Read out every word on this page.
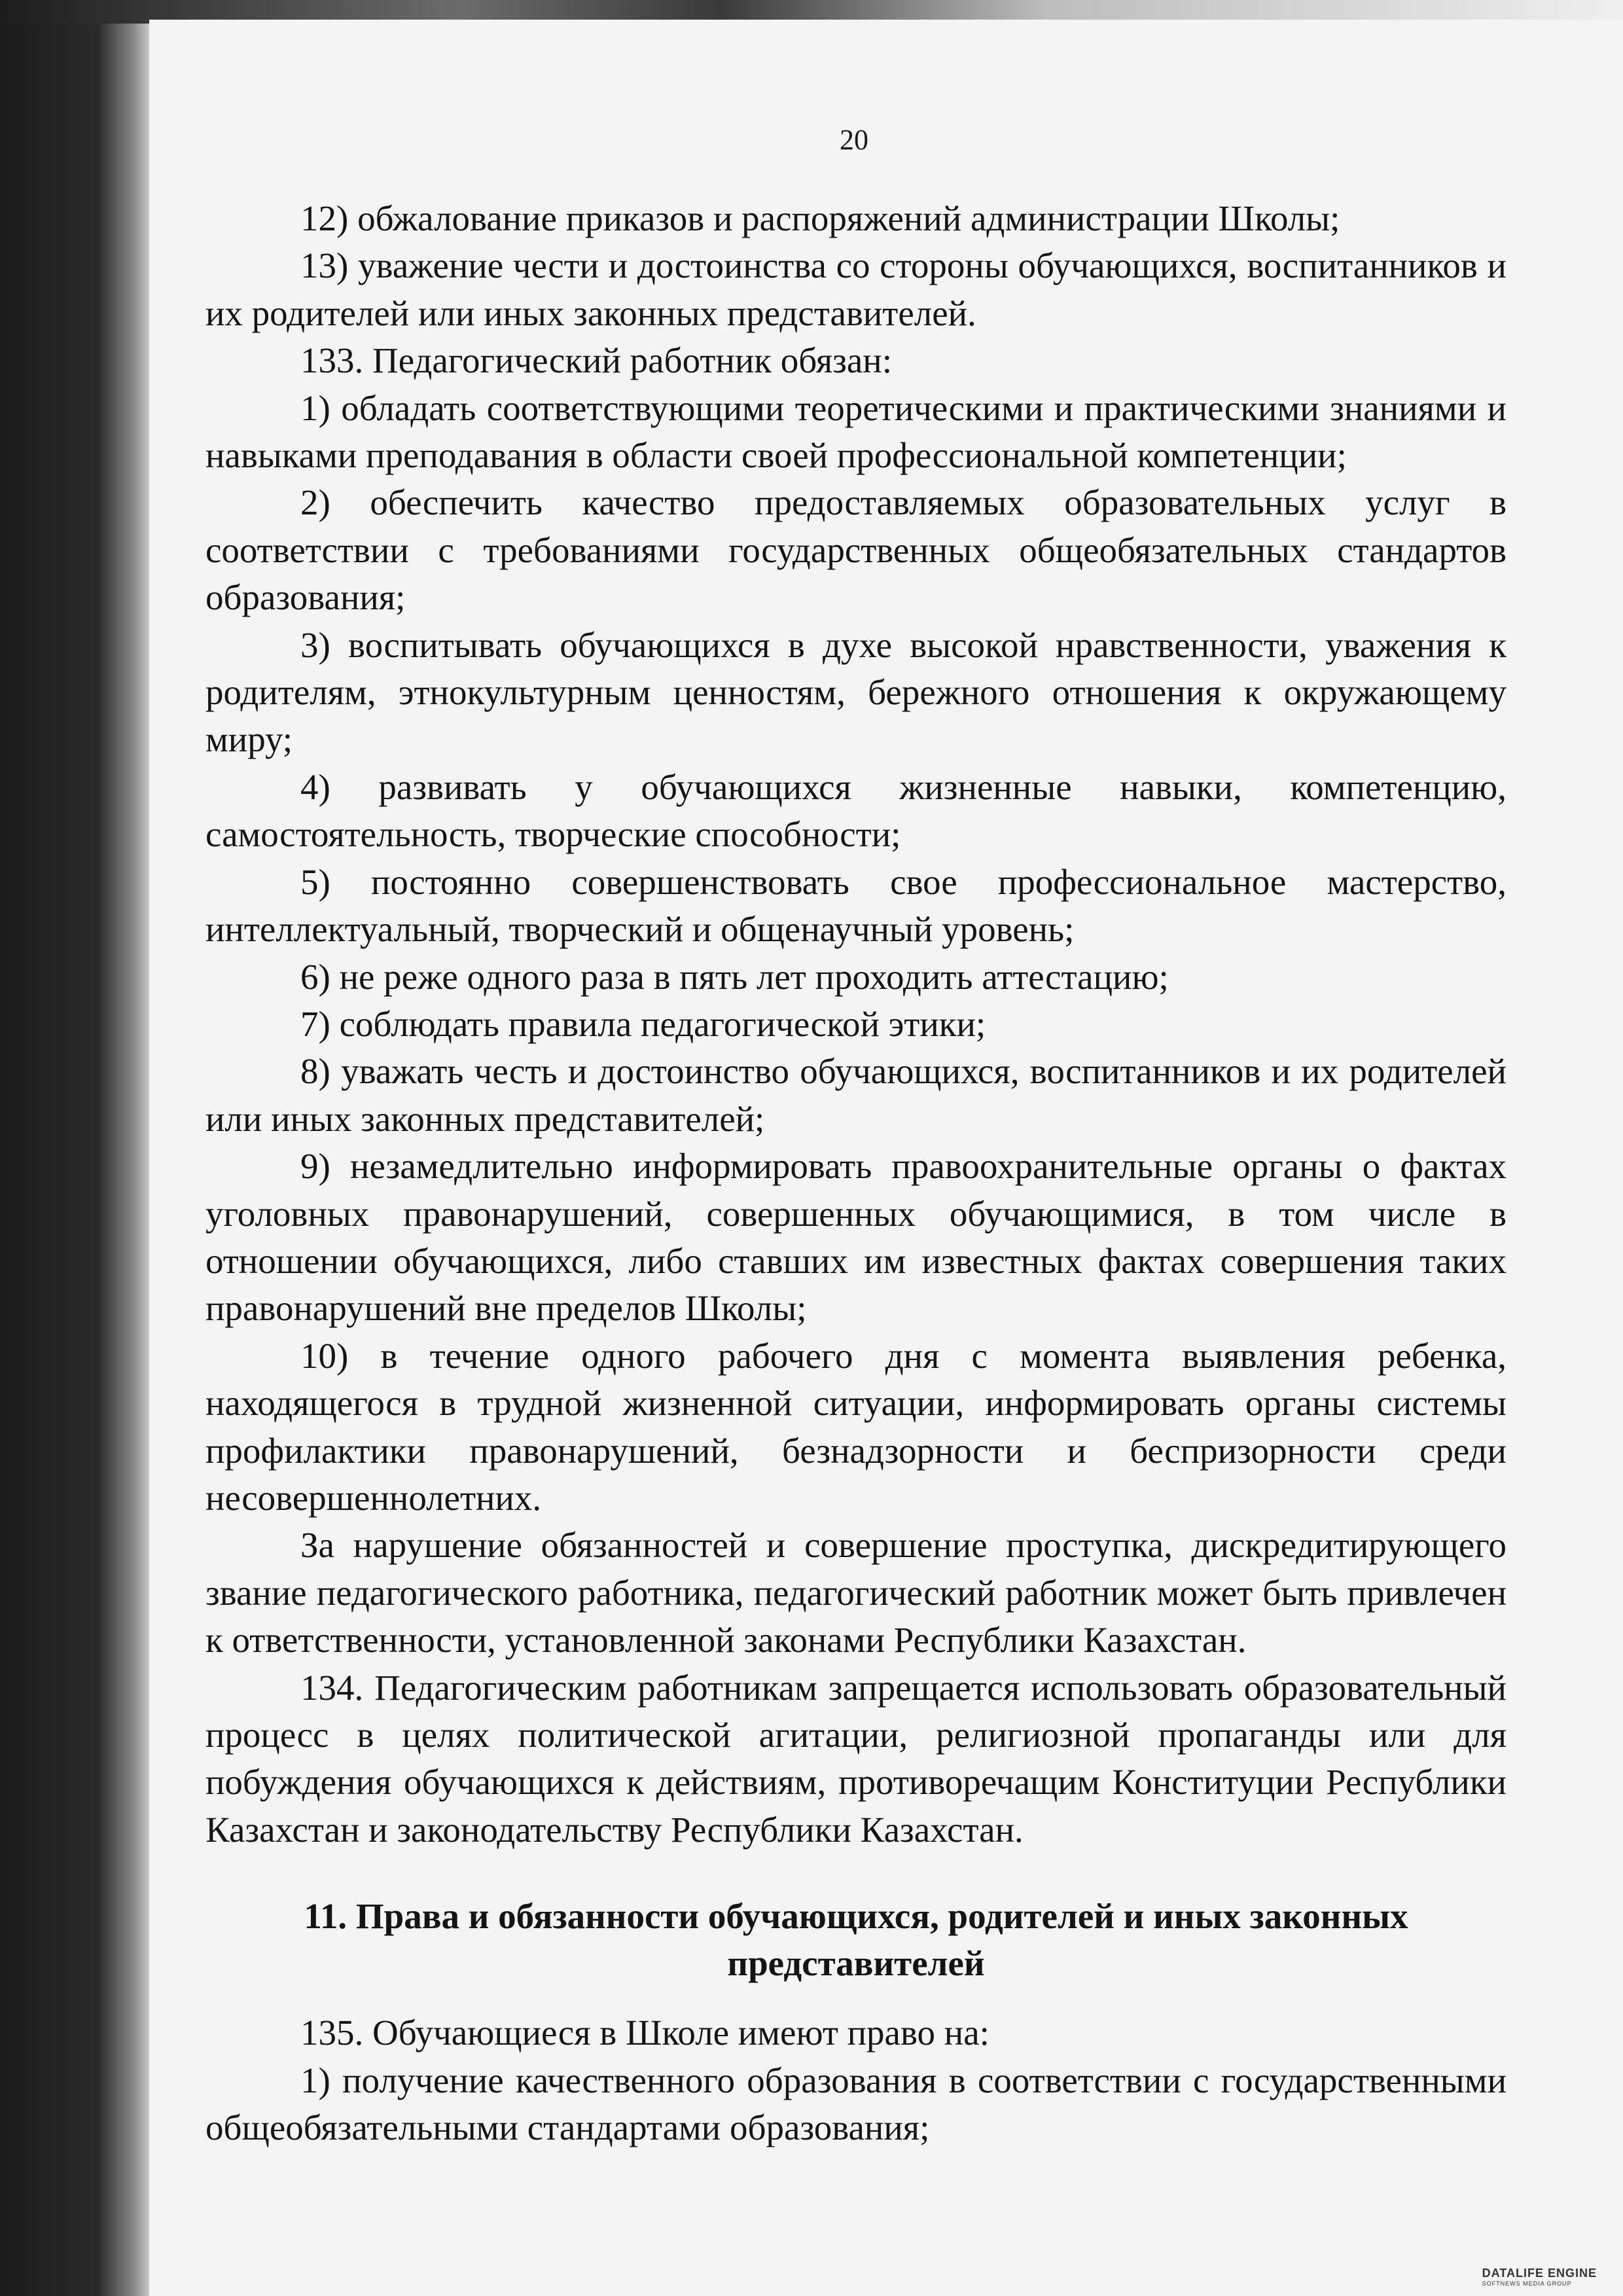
20

12) обжалование приказов и распоряжений администрации Школы;

13) уважение чести и достоинства со стороны обучающихся, воспитанников и их родителей или иных законных представителей.

133. Педагогический работник обязан:

1) обладать соответствующими теоретическими и практическими знаниями и навыками преподавания в области своей профессиональной компетенции;

2) обеспечить качество предоставляемых образовательных услуг в соответствии с требованиями государственных общеобязательных стандартов образования;

3) воспитывать обучающихся в духе высокой нравственности, уважения к родителям, этнокультурным ценностям, бережного отношения к окружающему миру;

4) развивать у обучающихся жизненные навыки, компетенцию, самостоятельность, творческие способности;

5) постоянно совершенствовать свое профессиональное мастерство, интеллектуальный, творческий и общенаучный уровень;

6) не реже одного раза в пять лет проходить аттестацию;

7) соблюдать правила педагогической этики;

8) уважать честь и достоинство обучающихся, воспитанников и их родителей или иных законных представителей;

9) незамедлительно информировать правоохранительные органы о фактах уголовных правонарушений, совершенных обучающимися, в том числе в отношении обучающихся, либо ставших им известных фактах совершения таких правонарушений вне пределов Школы;

10) в течение одного рабочего дня с момента выявления ребенка, находящегося в трудной жизненной ситуации, информировать органы системы профилактики правонарушений, безнадзорности и беспризорности среди несовершеннолетних.

За нарушение обязанностей и совершение проступка, дискредитирующего звание педагогического работника, педагогический работник может быть привлечен к ответственности, установленной законами Республики Казахстан.

134. Педагогическим работникам запрещается использовать образовательный процесс в целях политической агитации, религиозной пропаганды или для побуждения обучающихся к действиям, противоречащим Конституции Республики Казахстан и законодательству Республики Казахстан.

11. Права и обязанности обучающихся, родителей и иных законных представителей

135. Обучающиеся в Школе имеют право на:

1) получение качественного образования в соответствии с государственными общеобязательными стандартами образования;

DATALIFE ENGINE
SOFTNEWS MEDIA GROUP
